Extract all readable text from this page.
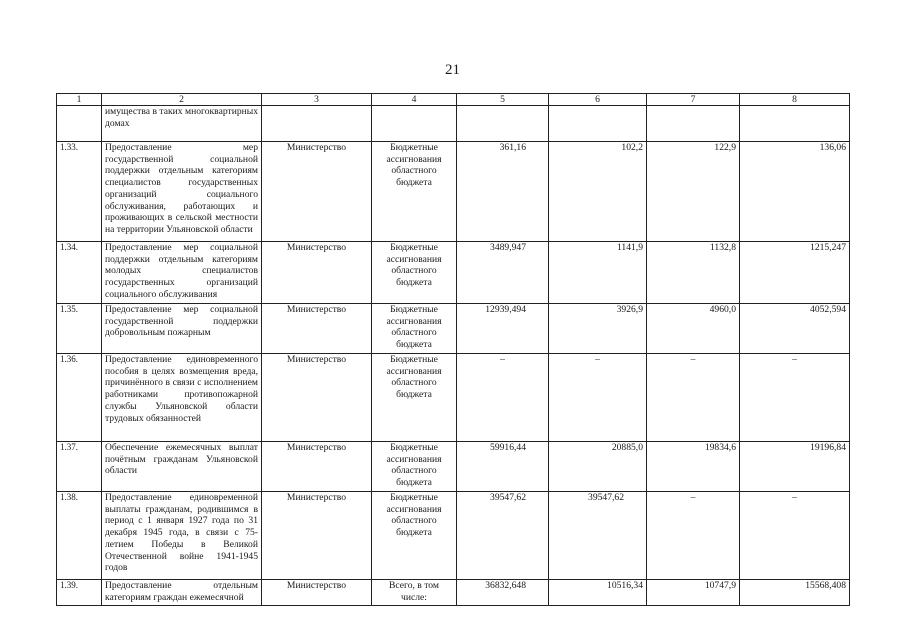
21
1	2	3	4	5	6	7	8
	имущества в таких многоквартирных домах						
1.33.	Предоставление мер государственной социальной поддержки отдельным категориям специалистов государственных организаций социального обслуживания, работающих и проживающих в сельской местности на территории Ульяновской области	Министерство	Бюджетные ассигнования областного бюджета	361,16	102,2	122,9	136,06
1.34.	Предоставление мер социальной поддержки отдельным категориям молодых специалистов государственных организаций социального обслуживания	Министерство	Бюджетные ассигнования областного бюджета	3489,947	1141,9	1132,8	1215,247
1.35.	Предоставление мер социальной государственной поддержки добровольным пожарным	Министерство	Бюджетные ассигнования областного бюджета	12939,494	3926,9	4960,0	4052,594
1.36.	Предоставление единовременного пособия в целях возмещения вреда, причинённого в связи с исполнением работниками противопожарной службы Ульяновской области трудовых обязанностей	Министерство	Бюджетные ассигнования областного бюджета	–	–	–	–
1.37.	Обеспечение ежемесячных выплат почётным гражданам Ульяновской области	Министерство	Бюджетные ассигнования областного бюджета	59916,44	20885,0	19834,6	19196,84
1.38.	Предоставление единовременной выплаты гражданам, родившимся в период с 1 января 1927 года по 31 декабря 1945 года, в связи с 75-летием Победы в Великой Отечественной войне 1941-1945 годов	Министерство	Бюджетные ассигнования областного бюджета	39547,62	39547,62	–	–
1.39.	Предоставление отдельным категориям граждан ежемесячной	Министерство	Всего, в том числе:	36832,648	10516,34	10747,9	15568,408
